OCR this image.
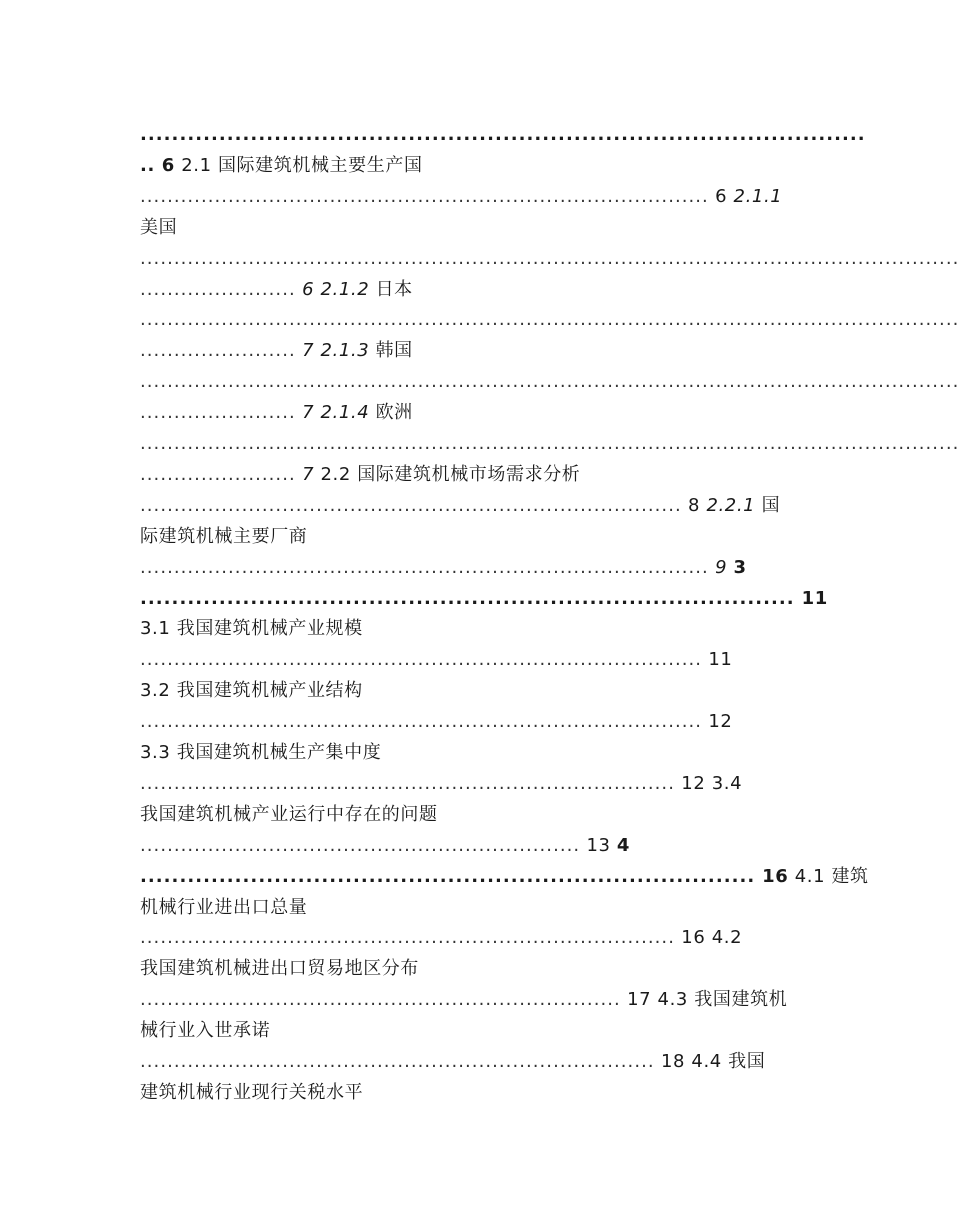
............................................................................................
.. 6 2.1 国际建筑机械主要生产国
.................................................................................... 6 2.1.1
美国
.........................................................................................................................
....................... 6 2.1.2 日本
.........................................................................................................................
....................... 7 2.1.3 韩国
.........................................................................................................................
....................... 7 2.1.4 欧洲
.........................................................................................................................
....................... 7 2.2 国际建筑机械市场需求分析
................................................................................ 8 2.2.1 国
际建筑机械主要厂商
.................................................................................... 9 3
................................................................................... 11
3.1 我国建筑机械产业规模
................................................................................... 11
3.2 我国建筑机械产业结构
................................................................................... 12
3.3 我国建筑机械生产集中度
............................................................................... 12 3.4
我国建筑机械产业运行中存在的问题
................................................................. 13 4
.............................................................................. 16 4.1 建筑
机械行业进出口总量
............................................................................... 16 4.2
我国建筑机械进出口贸易地区分布
....................................................................... 17 4.3 我国建筑机
械行业入世承诺
............................................................................ 18 4.4 我国
建筑机械行业现行关税水平
